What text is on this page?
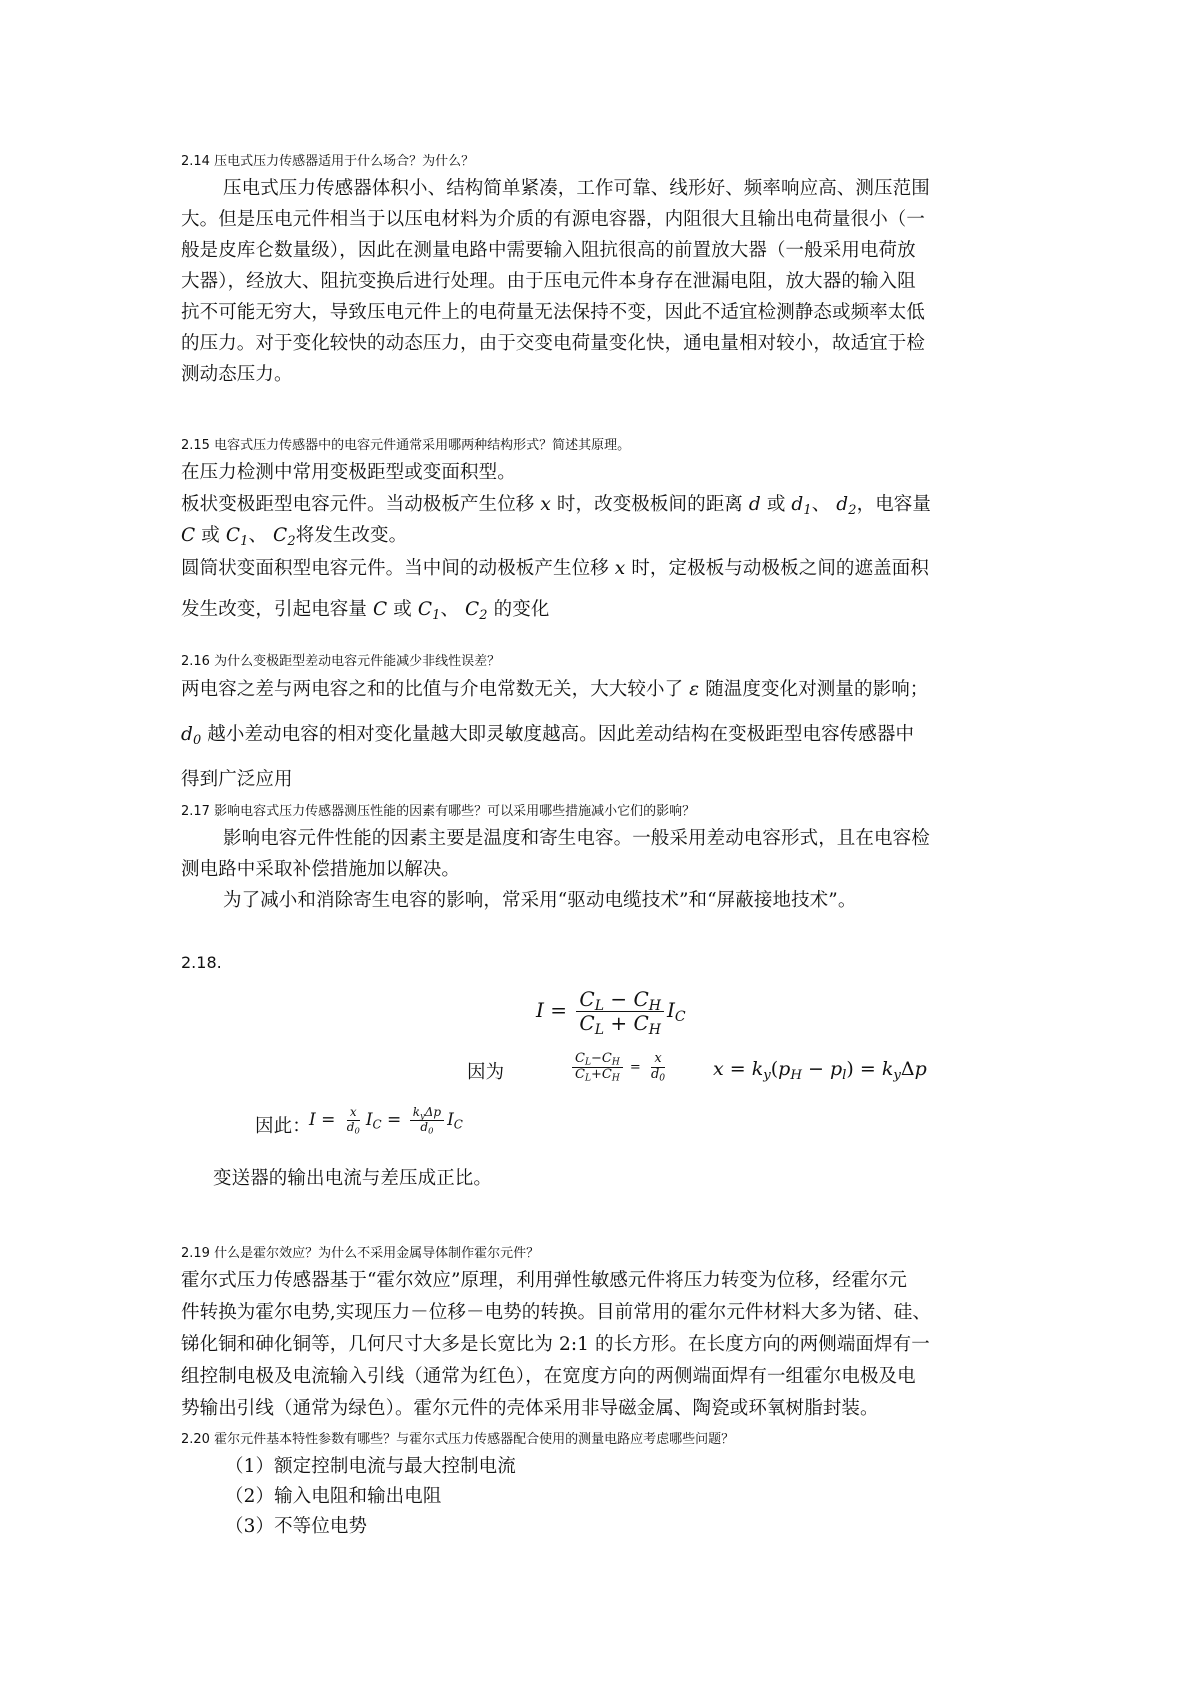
2.14 压电式压力传感器适用于什么场合？为什么？
压电式压力传感器体积小、结构简单紧凑，工作可靠、线形好、频率响应高、测压范围
大。但是压电元件相当于以压电材料为介质的有源电容器，内阻很大且输出电荷量很小（一
般是皮库仑数量级），因此在测量电路中需要输入阻抗很高的前置放大器（一般采用电荷放
大器），经放大、阻抗变换后进行处理。由于压电元件本身存在泄漏电阻，放大器的输入阻
抗不可能无穷大，导致压电元件上的电荷量无法保持不变，因此不适宜检测静态或频率太低
的压力。对于变化较快的动态压力，由于交变电荷量变化快，通电量相对较小，故适宜于检
测动态压力。
2.15 电容式压力传感器中的电容元件通常采用哪两种结构形式？简述其原理。
在压力检测中常用变极距型或变面积型。
板状变极距型电容元件。当动极板产生位移 x 时，改变极板间的距离 d 或 $d_1$、 $d_2$，电容量
C 或 $C_1$、 $C_2$将发生改变。
圆筒状变面积型电容元件。当中间的动极板产生位移 x 时，定极板与动极板之间的遮盖面积
发生改变，引起电容量 C 或 $C_1$、 $C_2$ 的变化
2.16 为什么变极距型差动电容元件能减少非线性误差？
两电容之差与两电容之和的比值与介电常数无关，大大较小了 ε 随温度变化对测量的影响；
$d_0$ 越小差动电容的相对变化量越大即灵敏度越高。因此差动结构在变极距型电容传感器中
得到广泛应用
2.17 影响电容式压力传感器测压性能的因素有哪些？可以采用哪些措施减小它们的影响？
影响电容元件性能的因素主要是温度和寄生电容。一般采用差动电容形式，且在电容检
测电路中采取补偿措施加以解决。
为了减小和消除寄生电容的影响，常采用“驱动电缆技术”和“屏蔽接地技术”。
2.18.
$I = \frac{C_L - C_H}{C_L + C_H} I_C$
因为	$\frac{C_L-C_H}{C_L+C_H} = \frac{x}{d_0}$ $x = k_y(p_H - p_l) = k_y\Delta p$
因此：
$I = \frac{x}{d_0} I_C = \frac{k_y\Delta p}{d_0} I_C$
变送器的输出电流与差压成正比。
2.19 什么是霍尔效应？为什么不采用金属导体制作霍尔元件？
霍尔式压力传感器基于“霍尔效应”原理，利用弹性敏感元件将压力转变为位移，经霍尔元
件转换为霍尔电势,实现压力－位移－电势的转换。目前常用的霍尔元件材料大多为锗、硅、
锑化铜和砷化铜等，几何尺寸大多是长宽比为 2:1 的长方形。在长度方向的两侧端面焊有一
组控制电极及电流输入引线（通常为红色），在宽度方向的两侧端面焊有一组霍尔电极及电
势输出引线（通常为绿色）。霍尔元件的壳体采用非导磁金属、陶瓷或环氧树脂封装。
2.20 霍尔元件基本特性参数有哪些？与霍尔式压力传感器配合使用的测量电路应考虑哪些问题？
（1）额定控制电流与最大控制电流
（2）输入电阻和输出电阻
（3）不等位电势
